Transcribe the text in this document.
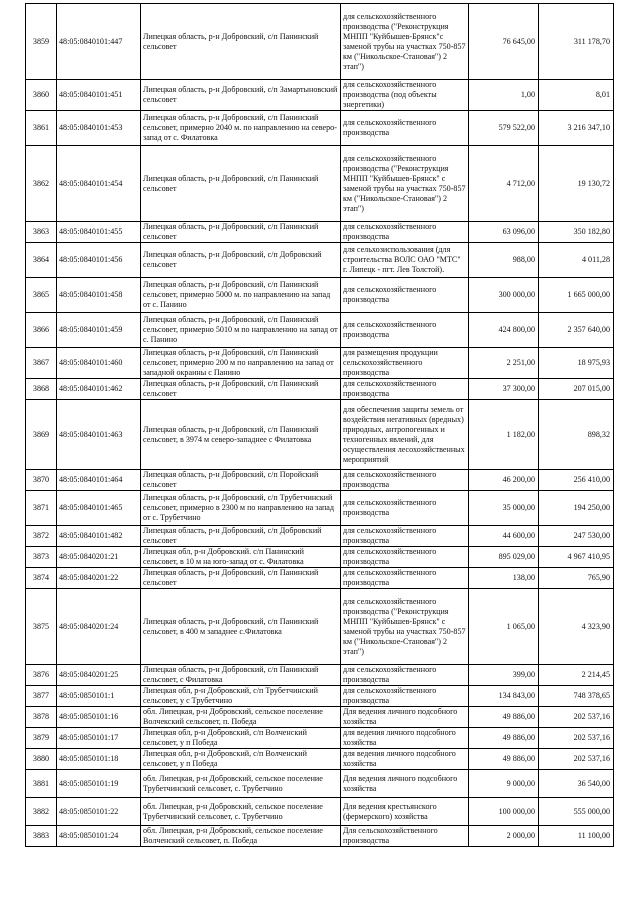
3859	48:05:0840101:447	Липецкая область, р-н Добровский, с/п Панинский сельсовет	для сельскохозяйственного производства ("Реконструкция МНПП "Куйбышев-Брянск"с заменой трубы на участках 750-857 км ("Никольское-Становая") 2 этап")	76 645,00	311 178,70
3860	48:05:0840101:451	Липецкая область, р-н Добровский, с/п Замартыновский сельсовет	для сельскохозяйственного производства (под объекты энергетики)	1,00	8,01
3861	48:05:0840101:453	Липецкая область, р-н Добровский, с/п Панинский сельсовет, примерно 2040 м. по направлению на северо-запад от с. Филатовка	для сельскохозяйственного производства	579 522,00	3 216 347,10
3862	48:05:0840101:454	Липецкая область, р-н Добровский, с/п Панинский сельсовет	для сельскохозяйственного производства ("Реконструкция МНПП "Куйбышев-Брянск" с заменой трубы на участках 750-857 км ("Никольское-Становая") 2 этап")	4 712,00	19 130,72
3863	48:05:0840101:455	Липецкая область, р-н Добровский, с/п Панинский сельсовет	для сельскохозяйственного производства	63 096,00	350 182,80
3864	48:05:0840101:456	Липецкая область, р-н Добровский, с/п Добровский сельсовет	для сельхозиспользования (для строительства ВОЛС ОАО "МТС" г. Липецк - пгт. Лев Толстой).	988,00	4 011,28
3865	48:05:0840101:458	Липецкая область, р-н Добровский, с/п Панинский сельсовет, примерно 5000 м. по направлению на запад от с. Панино	для сельскохозяйственного производства	300 000,00	1 665 000,00
3866	48:05:0840101:459	Липецкая область, р-н Добровский, с/п Панинский сельсовет, примерно 5010 м по направлению на запад от с. Панино	для сельскохозяйственного производства	424 800,00	2 357 640,00
3867	48:05:0840101:460	Липецкая область, р-н Добровский, с/п Панинский сельсовет, примерно 200 м по направлению на запад от западной окраины с Панино	для размещения продукции сельскохозяйственного производства	2 251,00	18 975,93
3868	48:05:0840101:462	Липецкая область, р-н Добровский, с/п Панинский сельсовет	для сельскохозяйственного производства	37 300,00	207 015,00
3869	48:05:0840101:463	Липецкая область, р-н Добровский, с/п Панинский сельсовет, в 3974 м северо-западнее с Филатовка	для обеспечения защиты земель от воздействия негативных (вредных) природных, антропогенных и техногенных явлений, для осуществления лесохозяйственных мероприятий	1 182,00	898,32
3870	48:05:0840101:464	Липецкая область, р-н Добровский, с/п Поройский сельсовет	для сельскохозяйственного производства	46 200,00	256 410,00
3871	48:05:0840101:465	Липецкая область, р-н Добровский, с/п Трубетчинский сельсовет, примерно в 2300 м по направлению на запад от с. Трубетчино	для сельскохозяйственного производства	35 000,00	194 250,00
3872	48:05:0840101:482	Липецкая область, р-н Добровский, с/п Добровский сельсовет	для сельскохозяйственного производства	44 600,00	247 530,00
3873	48:05:0840201:21	Липецкая обл, р-н Добровский. с/п Панинский сельсовет, в 10 м на юго-запад от с. Филатовка	для сельскохозяйственного производства	895 029,00	4 967 410,95
3874	48:05:0840201:22	Липецкая область, р-н Добровский, с/п Панинский сельсовет	для сельскохозяйственного производства	138,00	765,90
3875	48:05:0840201:24	Липецкая область, р-н Добровский, с/п Панинский сельсовет, в 400 м западнее с.Филатовка	для сельскохозяйственного производства ("Реконструкция МНПП "Куйбышев-Брянск" с заменой трубы на участках 750-857 км ("Никольское-Становая") 2 этап")	1 065,00	4 323,90
3876	48:05:0840201:25	Липецкая область, р-н Добровский, с/п Панинский сельсовет, с Филатовка	для сельскохозяйственного производства	399,00	2 214,45
3877	48:05:0850101:1	Липецкая обл, р-н Добровский, с/п Трубетчинский сельсовет, у с Трубетчино	для сельскохозяйственного производства	134 843,00	748 378,65
3878	48:05:0850101:16	обл. Липецкая, р-н Добровский, сельское поселение Волчекский сельсовет, п. Победа	Для ведения личного подсобного хозяйства	49 886,00	202 537,16
3879	48:05:0850101:17	Липецкая обл, р-н Добровский, с/п Волченский сельсовет, у п Победа	для ведения личного подсобного хозяйства	49 886,00	202 537,16
3880	48:05:0850101:18	Липецкая обл, р-н Добровский, с/п Волченский сельсовет, у п Победа	для ведения личного подсобного хозяйства	49 886,00	202 537,16
3881	48:05:0850101:19	обл. Липецкая, р-н Добровский, сельское поселение Трубетчинский сельсовет, с. Трубетчино	Для ведения личного подсобного хозяйства	9 000,00	36 540,00
3882	48:05:0850101:22	обл. Липецкая, р-н Добровский, сельское поселение Трубетчинский сельсовет, с. Трубетчино	Для ведения крестьянского (фермерского) хозяйства	100 000,00	555 000,00
3883	48:05:0850101:24	обл. Липецкая, р-н Добровский, сельское поселение Волченский сельсовет, п. Победа	Для сельскохозяйственного производства	2 000,00	11 100,00
